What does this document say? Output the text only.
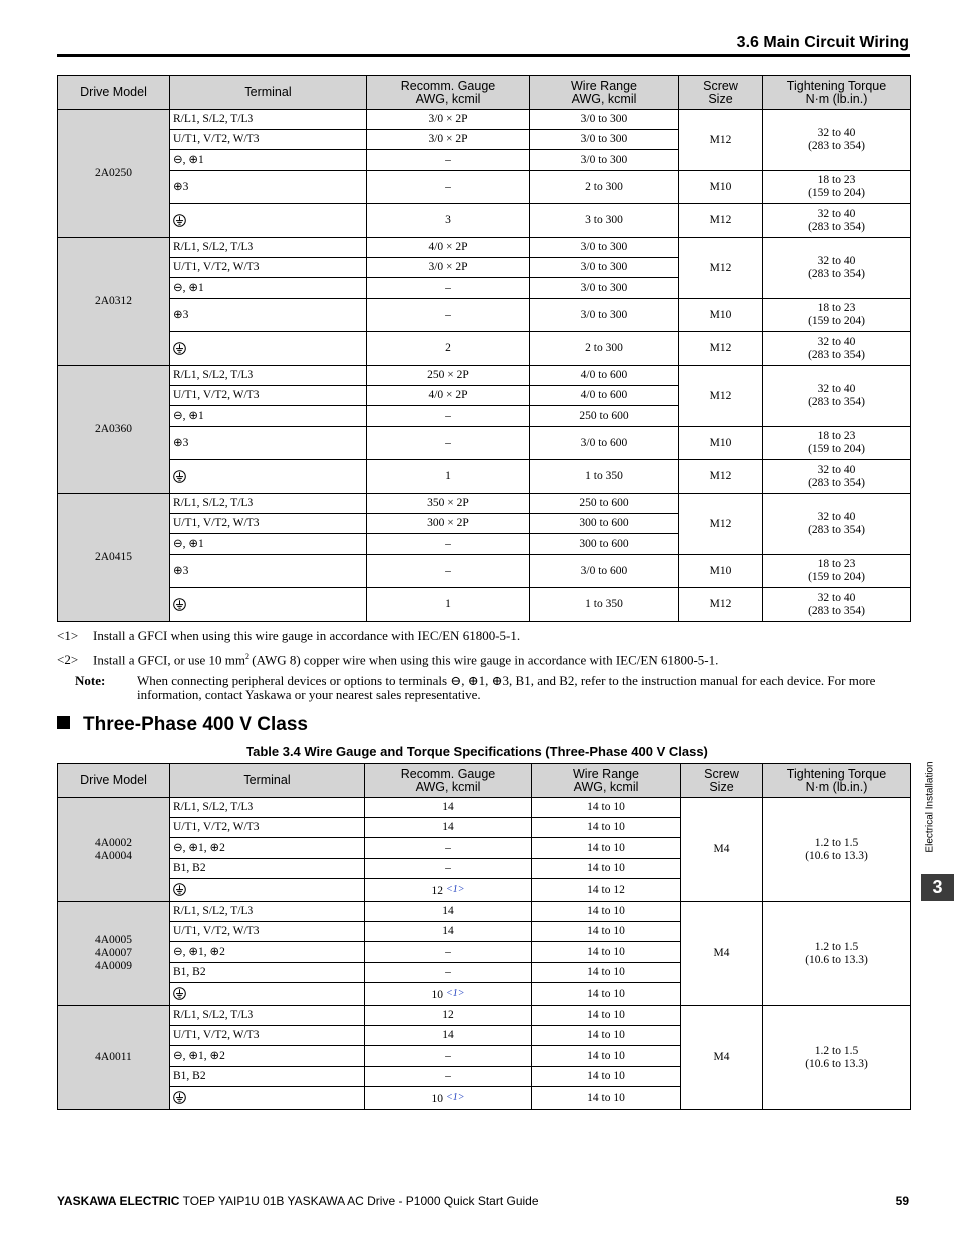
3.6 Main Circuit Wiring
Drive Model	Terminal	Recomm. Gauge
AWG, kcmil	Wire Range
AWG, kcmil	Screw
Size	Tightening Torque
N·m (lb.in.)

2A0250	R/L1, S/L2, T/L3	3/0 × 2P	3/0 to 300	M12	32 to 40
(283 to 354)

	U/T1, V/T2, W/T3	3/0 × 2P	3/0 to 300		
	⊖, ⊕1	–	3/0 to 300		
	⊕3	–	2 to 300	M10	18 to 23
(159 to 204)

	3	3 to 300	M12	32 to 40
(283 to 354)

2A0312	R/L1, S/L2, T/L3	4/0 × 2P	3/0 to 300	M12	32 to 40
(283 to 354)

	U/T1, V/T2, W/T3	3/0 × 2P	3/0 to 300		
	⊖, ⊕1	–	3/0 to 300		
	⊕3	–	3/0 to 300	M10	18 to 23
(159 to 204)

	2	2 to 300	M12	32 to 40
(283 to 354)

2A0360	R/L1, S/L2, T/L3	250 × 2P	4/0 to 600	M12	32 to 40
(283 to 354)

	U/T1, V/T2, W/T3	4/0 × 2P	4/0 to 600		
	⊖, ⊕1	–	250 to 600		
	⊕3	–	3/0 to 600	M10	18 to 23
(159 to 204)

	1	1 to 350	M12	32 to 40
(283 to 354)

2A0415	R/L1, S/L2, T/L3	350 × 2P	250 to 600	M12	32 to 40
(283 to 354)

	U/T1, V/T2, W/T3	300 × 2P	300 to 600		
	⊖, ⊕1	–	300 to 600		
	⊕3	–	3/0 to 600	M10	18 to 23
(159 to 204)

	1	1 to 350	M12	32 to 40
(283 to 354)
<1> Install a GFCI when using this wire gauge in accordance with IEC/EN 61800-5-1.
<2> Install a GFCI, or use 10 $mm^2$ (AWG 8) copper wire when using this wire gauge in accordance with IEC/EN 61800-5-1.
Note: When connecting peripheral devices or options to terminals ⊖, ⊕1, ⊕3, B1, and B2, refer to the instruction manual for each device. For more information, contact Yaskawa or your nearest sales representative.
Three-Phase 400 V Class
Table 3.4 Wire Gauge and Torque Specifications (Three-Phase 400 V Class)
Drive Model	Terminal	Recomm. Gauge
AWG, kcmil	Wire Range
AWG, kcmil	Screw
Size	Tightening Torque
N·m (lb.in.)

4A0002
4A0004	R/L1, S/L2, T/L3	14	14 to 10	M4	1.2 to 1.5
(10.6 to 13.3)

	U/T1, V/T2, W/T3	14	14 to 10		
	⊖, ⊕1, ⊕2	–	14 to 10		
	B1, B2	–	14 to 10		
	12 <1>	14 to 12		

4A0005
4A0007
4A0009	R/L1, S/L2, T/L3	14	14 to 10	M4	1.2 to 1.5
(10.6 to 13.3)

	U/T1, V/T2, W/T3	14	14 to 10		
	⊖, ⊕1, ⊕2	–	14 to 10		
	B1, B2	–	14 to 10		
	10 <1>	14 to 10		

4A0011	R/L1, S/L2, T/L3	12	14 to 10	M4	1.2 to 1.5
(10.6 to 13.3)

	U/T1, V/T2, W/T3	14	14 to 10		
	⊖, ⊕1, ⊕2	–	14 to 10		
	B1, B2	–	14 to 10		
	10 <1>	14 to 10		
Electrical Installation
3
YASKAWA ELECTRIC TOEP YAIP1U 01B YASKAWA AC Drive - P1000 Quick Start Guide	59
